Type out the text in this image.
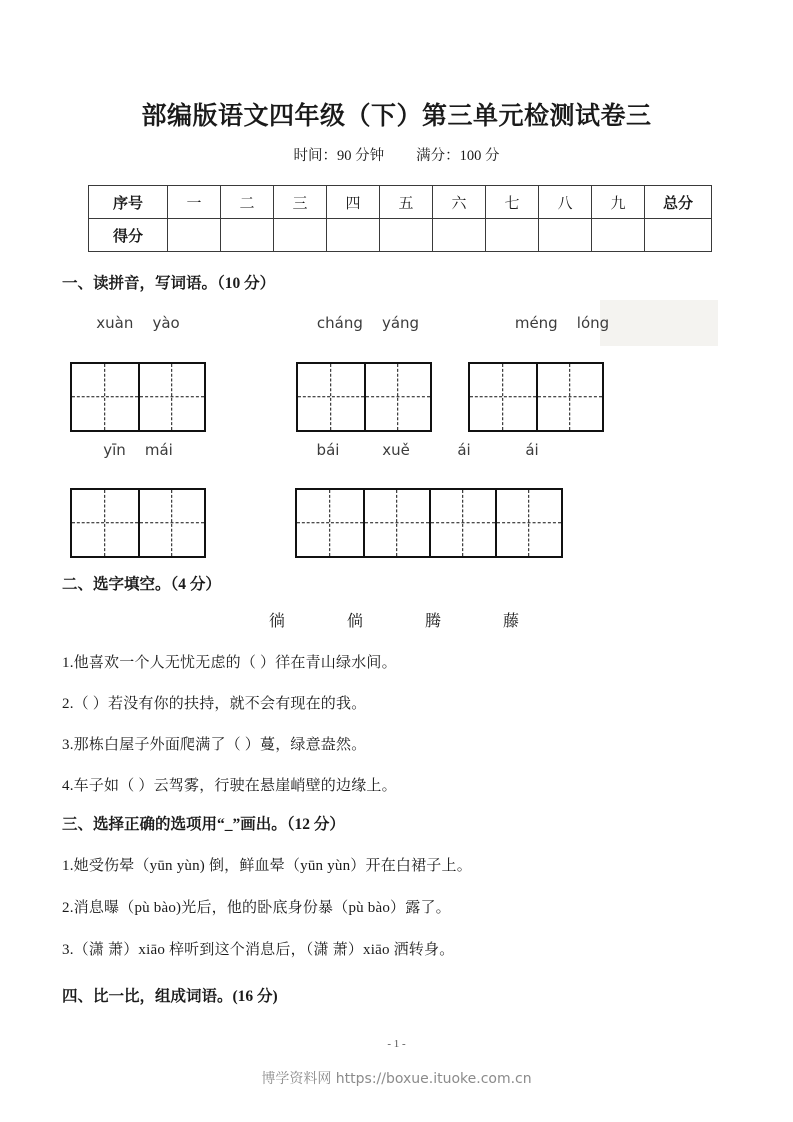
部编版语文四年级（下）第三单元检测试卷三
时间：90 分钟 满分：100 分
序号	一	二	三	四	五	六	七	八	九	总分
得分										
一、读拼音，写词语。（10 分）
xuàn yào	cháng yáng	méng lóng
yīn mái	bái	xuě	ái	ái
二、选字填空。（4 分）
徜	倘	腾	藤
1.他喜欢一个人无忧无虑的（ ）徉在青山绿水间。
2.（ ）若没有你的扶持，就不会有现在的我。
3.那栋白屋子外面爬满了（ ）蔓，绿意盎然。
4.车子如（ ）云驾雾，行驶在悬崖峭壁的边缘上。
三、选择正确的选项用“_”画出。（12 分）
1.她受伤晕（yūn yùn) 倒，鲜血晕（yūn yùn）开在白裙子上。
2.消息曝（pù bào)光后，他的卧底身份暴（pù bào）露了。
3.（潇 萧）xiāo 梓听到这个消息后，（潇 萧）xiāo 洒转身。
四、比一比，组成词语。(16 分)
- 1 -
博学资料网 https://boxue.ituoke.com.cn
